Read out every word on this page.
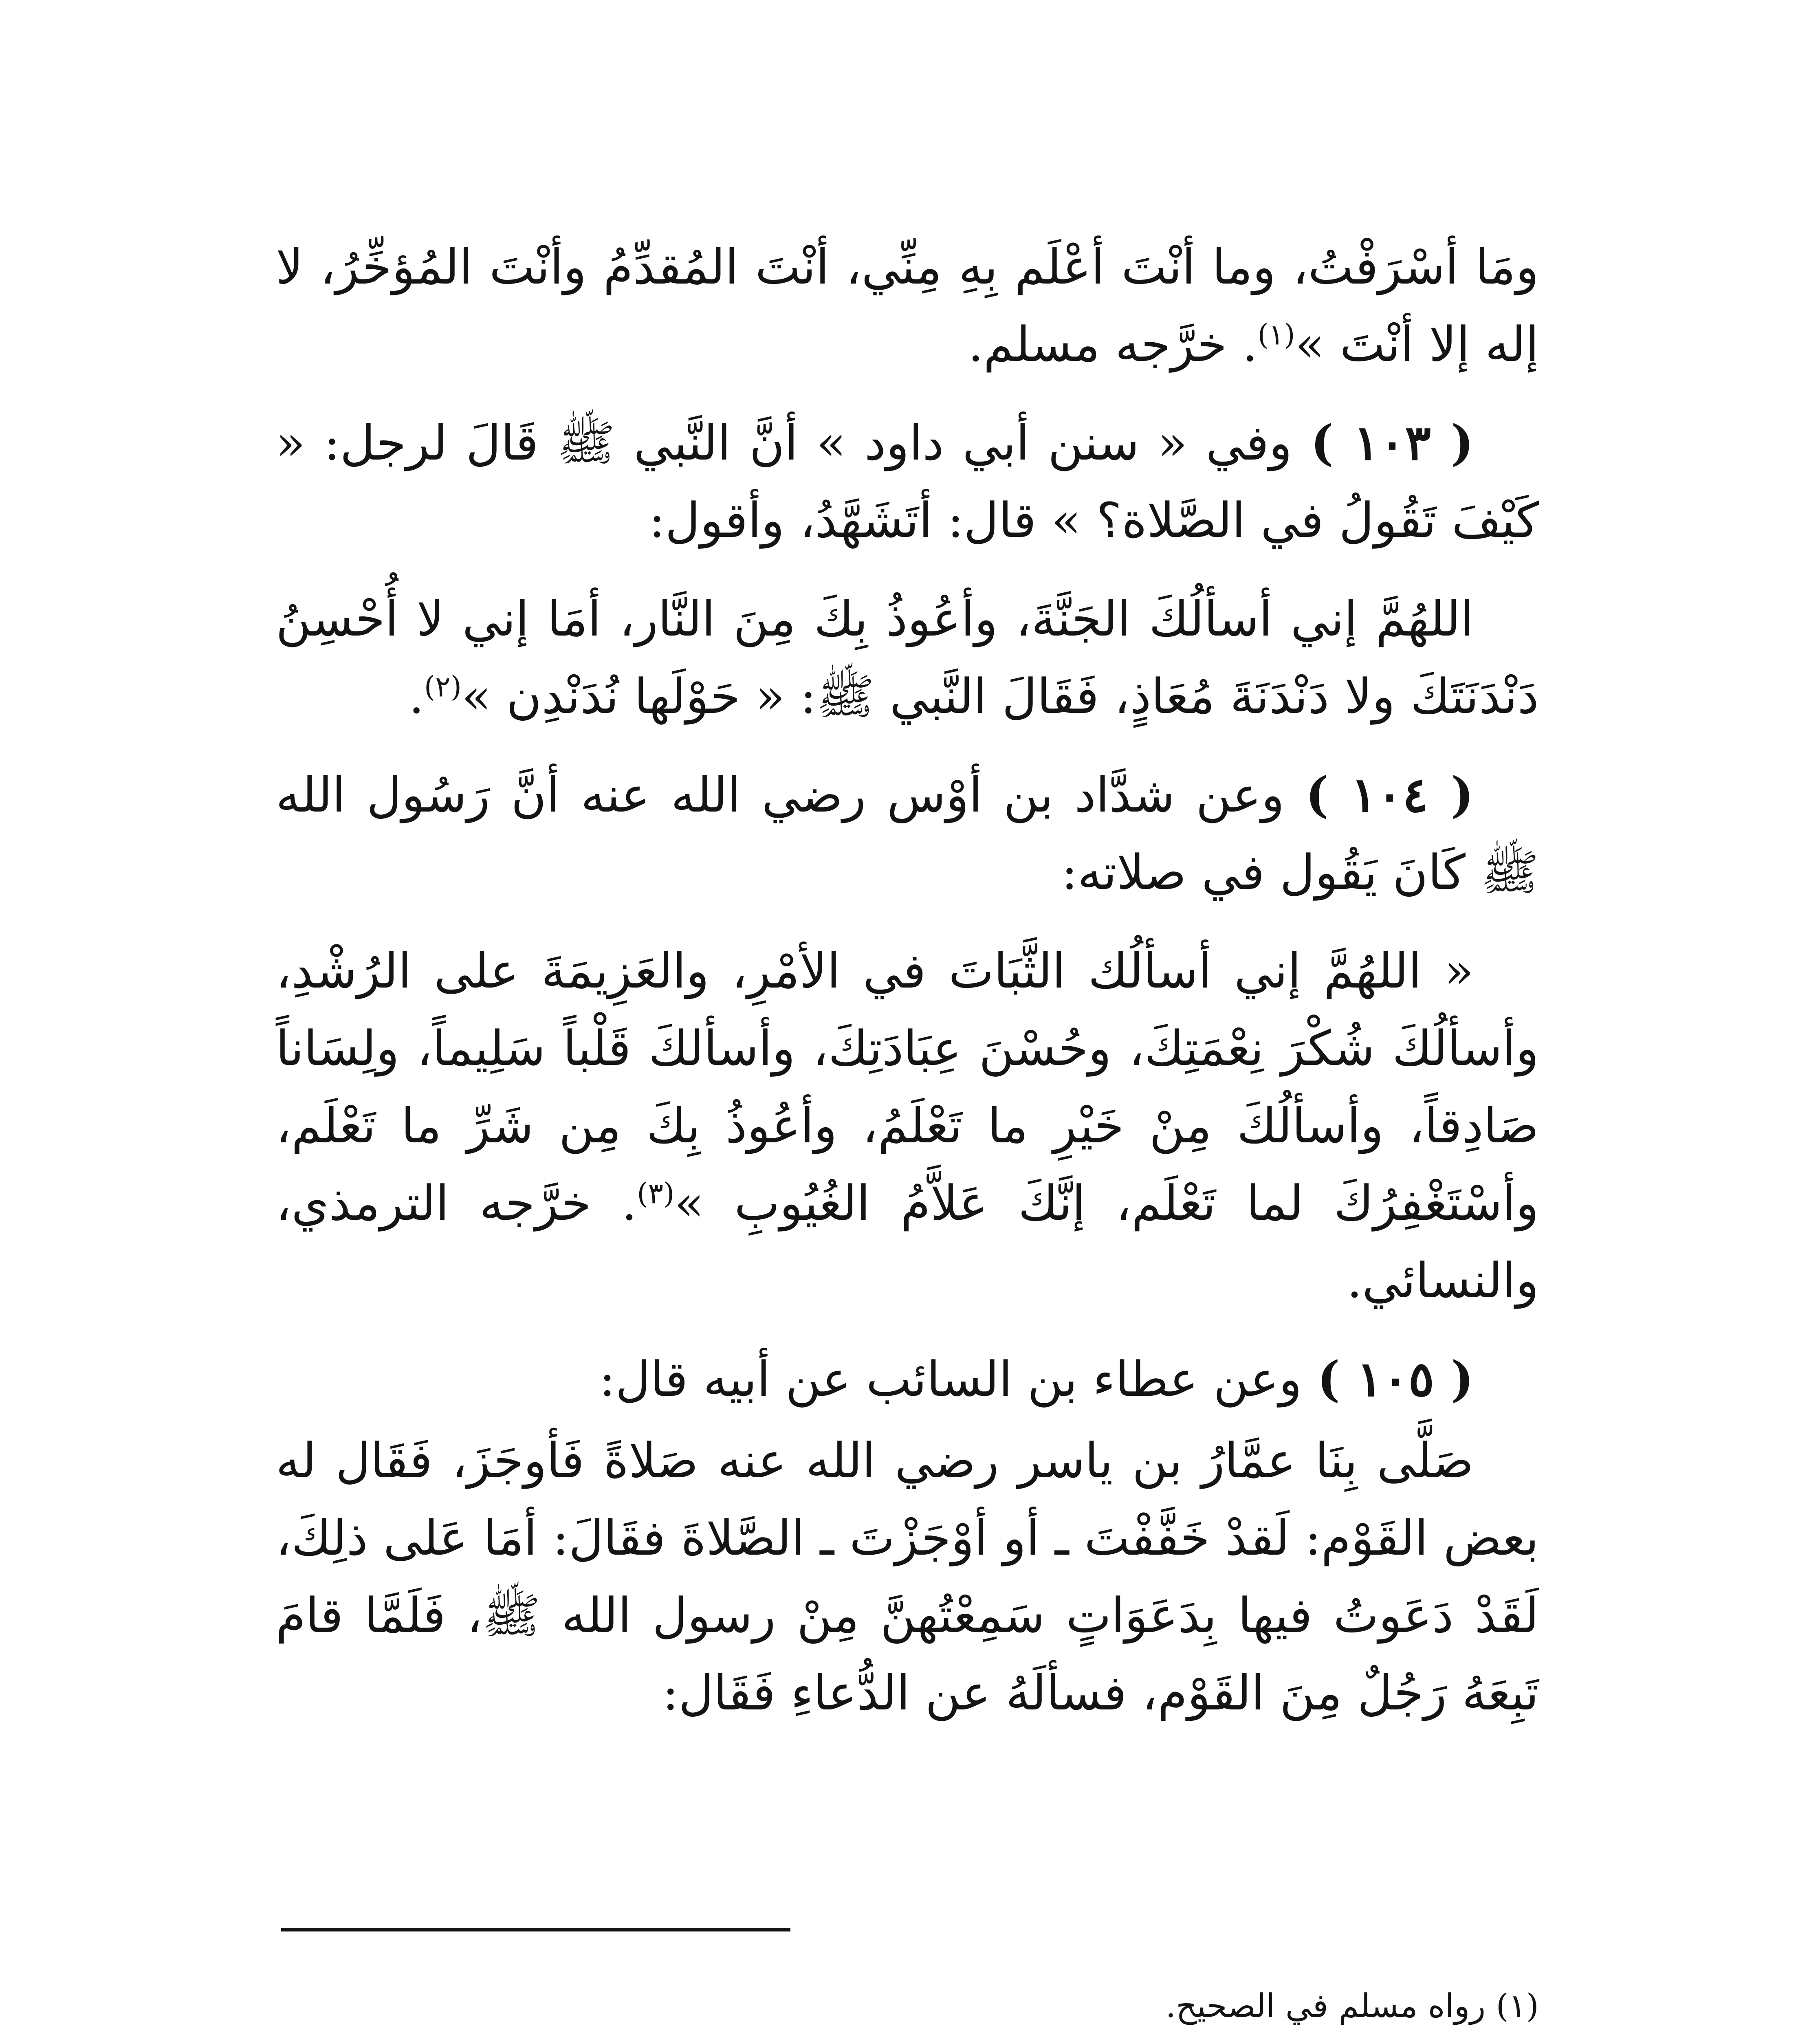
ومَا أسْرَفْتُ، وما أنْتَ أعْلَم بِهِ مِنِّي، أنْتَ المُقدِّمُ وأنْتَ المُؤخِّرُ، لا إله إلا أنْتَ »$^{(١)}$. خرَّجه مسلم.

( ١٠٣ ) وفي « سنن أبي داود » أنَّ النَّبي ﷺ قَالَ لرجل: « كَيْفَ تَقُولُ في الصَّلاة؟ » قال: أتَشَهَّدُ، وأقول:

اللهُمَّ إني أسألُكَ الجَنَّةَ، وأعُوذُ بِكَ مِنَ النَّار، أمَا إني لا أُحْسِنُ دَنْدَنَتَكَ ولا دَنْدَنَةَ مُعَاذٍ، فَقَالَ النَّبي ﷺ: « حَوْلَها نُدَنْدِن »$^{(٢)}$.

( ١٠٤ ) وعن شدَّاد بن أوْس رضي الله عنه أنَّ رَسُول الله ﷺ كَانَ يَقُول في صلاته:

« اللهُمَّ إني أسألُك الثَّبَاتَ في الأمْرِ، والعَزِيمَةَ على الرُشْدِ، وأسألُكَ شُكْرَ نِعْمَتِكَ، وحُسْنَ عِبَادَتِكَ، وأسألكَ قَلْباً سَلِيماً، ولِسَاناً صَادِقاً، وأسألُكَ مِنْ خَيْرِ ما تَعْلَمُ، وأعُوذُ بِكَ مِن شَرِّ ما تَعْلَم، وأسْتَغْفِرُكَ لما تَعْلَم، إنَّكَ عَلاَّمُ الغُيُوبِ »$^{(٣)}$. خرَّجه الترمذي، والنسائي.

( ١٠٥ ) وعن عطاء بن السائب عن أبيه قال:

صَلَّى بِنَا عمَّارُ بن ياسر رضي الله عنه صَلاةً فَأوجَزَ، فَقَال له بعض القَوْم: لَقدْ خَفَّفْتَ ـ أو أوْجَزْتَ ـ الصَّلاةَ فقَالَ: أمَا عَلى ذلِكَ، لَقَدْ دَعَوتُ فيها بِدَعَوَاتٍ سَمِعْتُهنَّ مِنْ رسول الله ﷺ، فَلَمَّا قامَ تَبِعَهُ رَجُلٌ مِنَ القَوْم، فسألَهُ عن الدُّعاءِ فَقَال:

(١) رواه مسلم في الصحيح.
